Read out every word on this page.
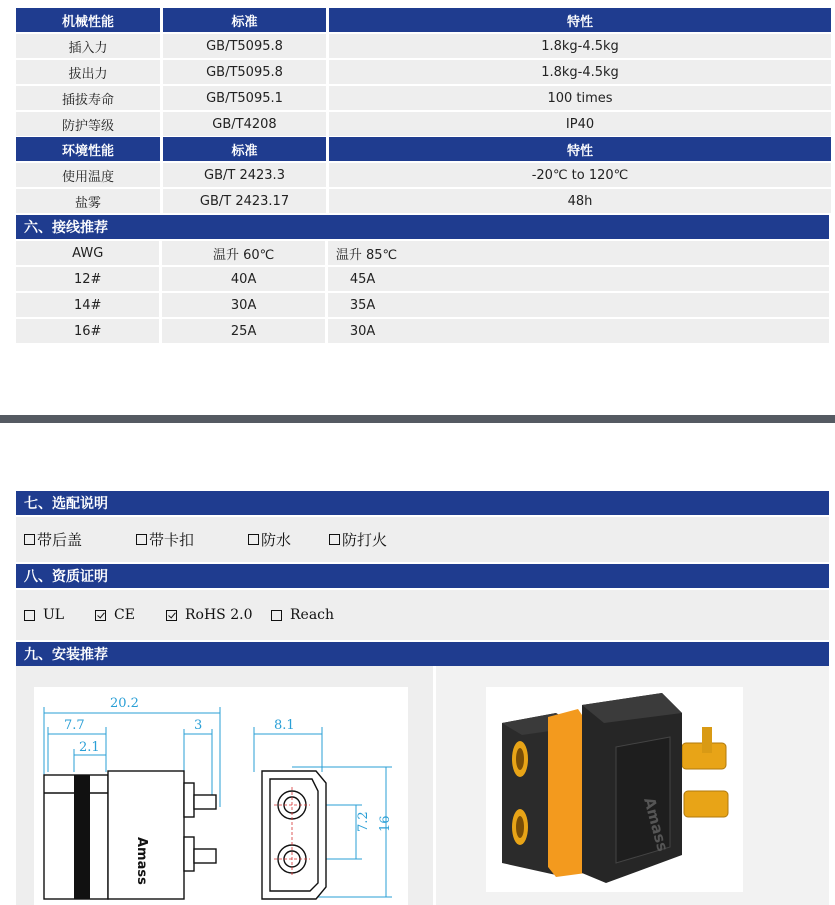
机械性能	标准	特性
插入力	GB/T5095.8	1.8kg-4.5kg
拔出力	GB/T5095.8	1.8kg-4.5kg
插拔寿命	GB/T5095.1	100 times
防护等级	GB/T4208	IP40
环境性能	标准	特性
使用温度	GB/T 2423.3	-20℃ to 120℃
盐雾	GB/T 2423.17	48h
六、接线推荐
AWG	温升 60℃	温升 85℃
12#	40A	45A
14#	30A	35A
16#	25A	30A
七、选配说明
带后盖	带卡扣	防水	防打火
八、资质证明
UL	CE	RoHS 2.0	Reach
九、安装推荐
20.2
7.7
2.1
3	8.1
7.2 16
Amass
Amass
